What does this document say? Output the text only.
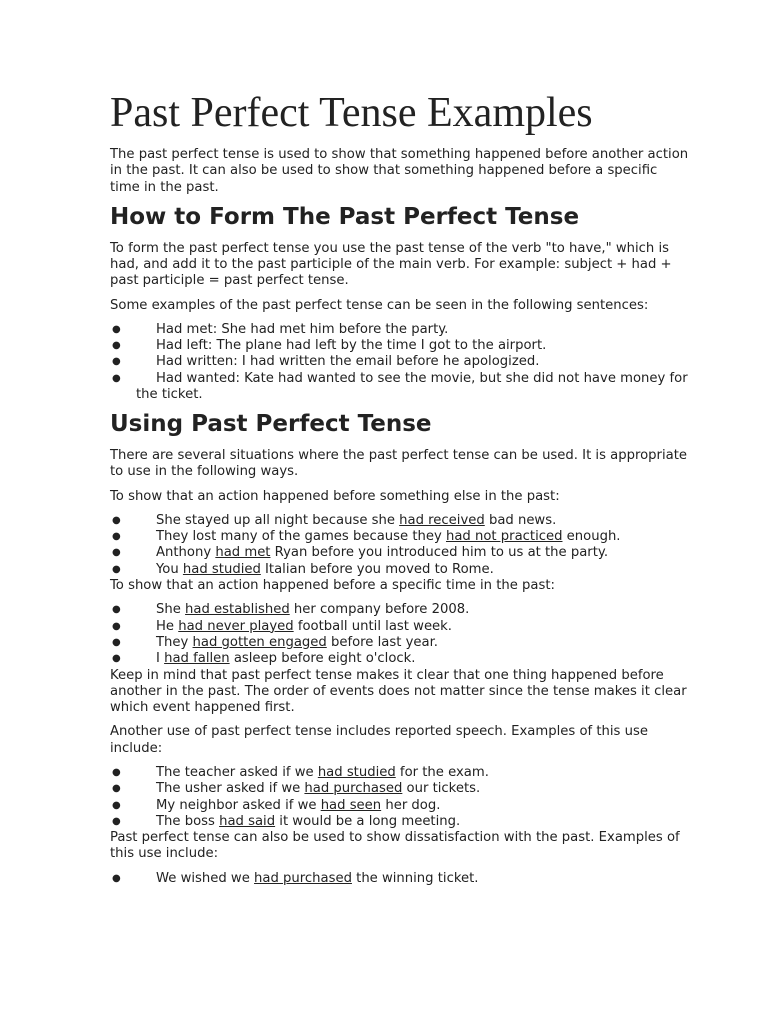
Past Perfect Tense Examples

The past perfect tense is used to show that something happened before another action in the past. It can also be used to show that something happened before a specific time in the past.

How to Form The Past Perfect Tense

To form the past perfect tense you use the past tense of the verb "to have," which is had, and add it to the past participle of the main verb. For example: subject + had + past participle = past perfect tense.

Some examples of the past perfect tense can be seen in the following sentences:

●	Had met: She had met him before the party.
●	Had left: The plane had left by the time I got to the airport.
●	Had written: I had written the email before he apologized.
●	Had wanted: Kate had wanted to see the movie, but she did not have money for the ticket.
Using Past Perfect Tense

There are several situations where the past perfect tense can be used. It is appropriate to use in the following ways.

To show that an action happened before something else in the past:

●	She stayed up all night because she had received bad news.
●	They lost many of the games because they had not practiced enough.
●	Anthony had met Ryan before you introduced him to us at the party.
●	You had studied Italian before you moved to Rome.

To show that an action happened before a specific time in the past:

●	She had established her company before 2008.
●	He had never played football until last week.
●	They had gotten engaged before last year.
●	I had fallen asleep before eight o'clock.

Keep in mind that past perfect tense makes it clear that one thing happened before another in the past. The order of events does not matter since the tense makes it clear which event happened first.

Another use of past perfect tense includes reported speech. Examples of this use include:

●	The teacher asked if we had studied for the exam.
●	The usher asked if we had purchased our tickets.
●	My neighbor asked if we had seen her dog.
●	The boss had said it would be a long meeting.

Past perfect tense can also be used to show dissatisfaction with the past. Examples of this use include:

●	We wished we had purchased the winning ticket.
